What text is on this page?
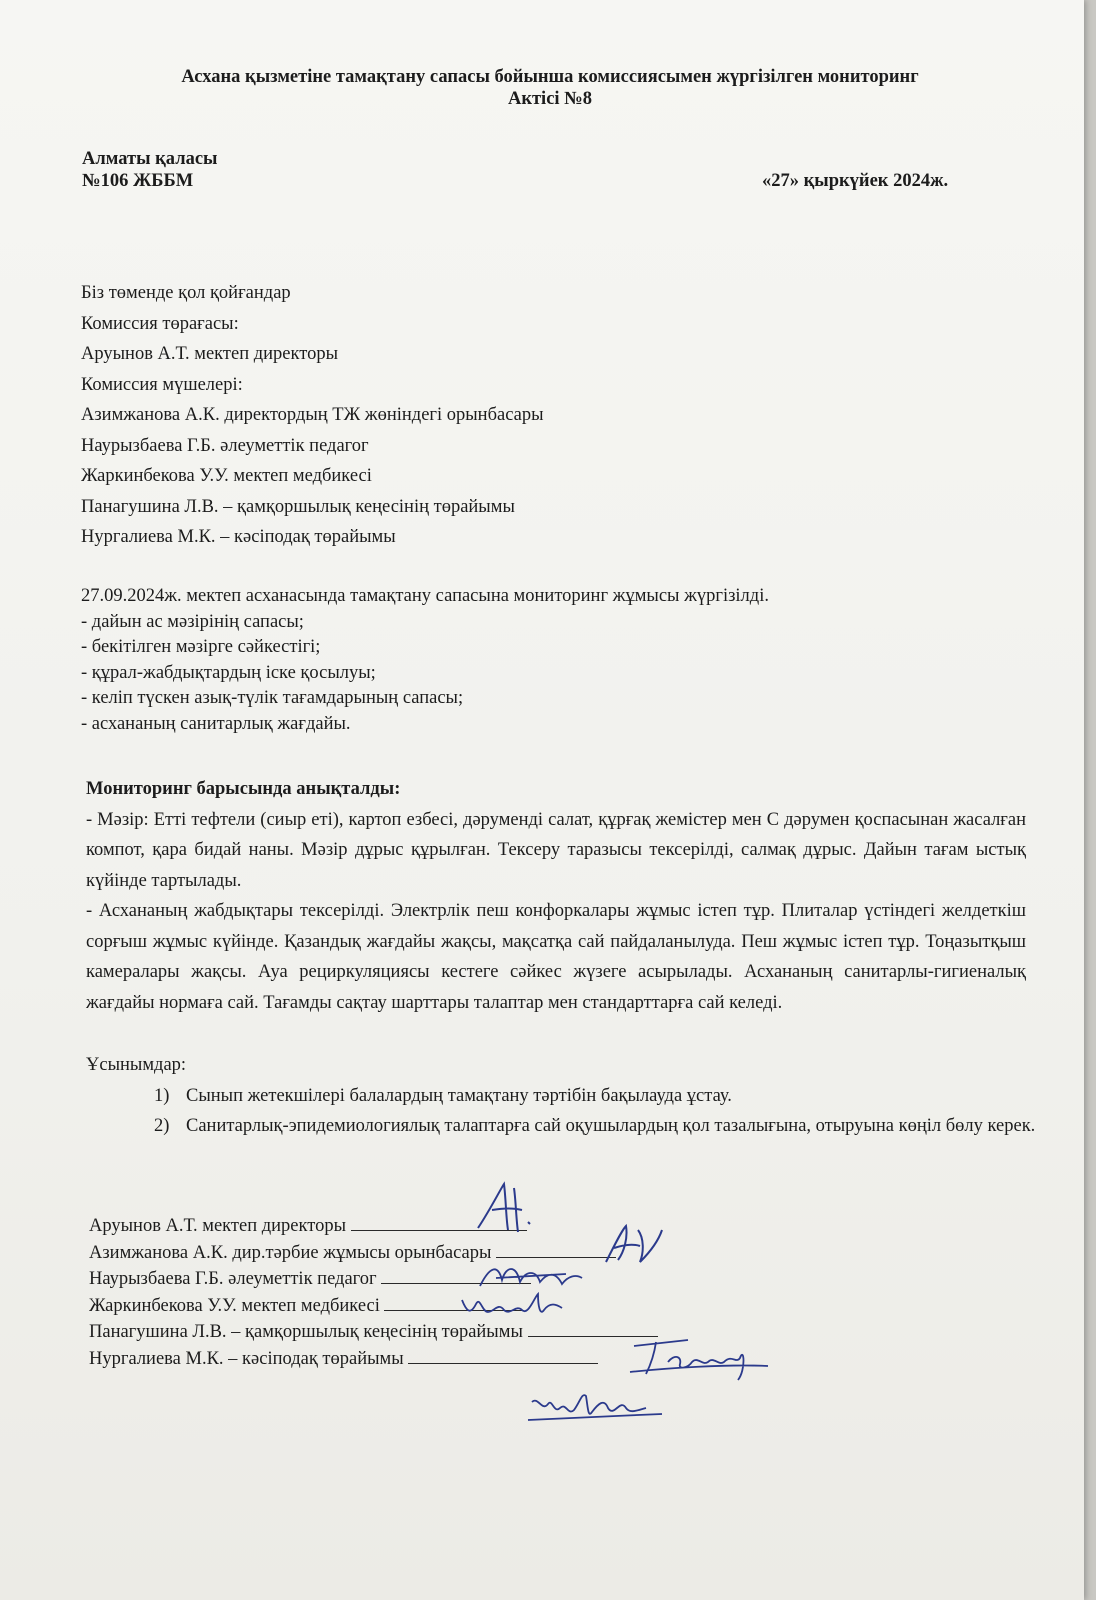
Асхана қызметіне тамақтану сапасы бойынша комиссиясымен жүргізілген мониторинг
Актісі №8
Алматы қаласы
№106 ЖББМ	«27» қыркүйек 2024ж.
Біз төменде қол қойғандар
Комиссия төрағасы:
Аруынов А.Т. мектеп директоры
Комиссия мүшелері:
Азимжанова А.К. директордың ТЖ жөніндегі орынбасары
Наурызбаева Г.Б. әлеуметтік педагог
Жаркинбекова У.У. мектеп медбикесі
Панагушина Л.В. – қамқоршылық кеңесінің төрайымы
Нургалиева М.К. – кәсіподақ төрайымы
27.09.2024ж. мектеп асханасында тамақтану сапасына мониторинг жұмысы жүргізілді.
- дайын ас мәзірінің сапасы;
- бекітілген мәзірге сәйкестігі;
- құрал-жабдықтардың іске қосылуы;
- келіп түскен азық-түлік тағамдарының сапасы;
- асхананың санитарлық жағдайы.

Мониторинг барысында анықталды:

- Мәзір: Етті тефтели (сиыр еті), картоп езбесі, дәруменді салат, құрғақ жемістер мен С дәрумен қоспасынан жасалған компот, қара бидай наны. Мәзір дұрыс құрылған. Тексеру таразысы тексерілді, салмақ дұрыс. Дайын тағам ыстық күйінде тартылады.

- Асхананың жабдықтары тексерілді. Электрлік пеш конфоркалары жұмыс істеп тұр. Плиталар үстіндегі желдеткіш сорғыш жұмыс күйінде. Қазандық жағдайы жақсы, мақсатқа сай пайдаланылуда. Пеш жұмыс істеп тұр. Тоңазытқыш камералары жақсы. Ауа рециркуляциясы кестеге сәйкес жүзеге асырылады. Асхананың санитарлы-гигиеналық жағдайы нормаға сай. Тағамды сақтау шарттары талаптар мен стандарттарға сай келеді.

Ұсынымдар:
1) Сынып жетекшілері балалардың тамақтану тәртібін бақылауда ұстау.
2) Санитарлық-эпидемиологиялық талаптарға сай оқушылардың қол тазалығына, отыруына көңіл бөлу керек.
Аруынов А.Т. мектеп директоры
Азимжанова А.К. дир.тәрбие жұмысы орынбасары
Наурызбаева Г.Б. әлеуметтік педагог
Жаркинбекова У.У. мектеп медбикесі
Панагушина Л.В. – қамқоршылық кеңесінің төрайымы
Нургалиева М.К. – кәсіподақ төрайымы
